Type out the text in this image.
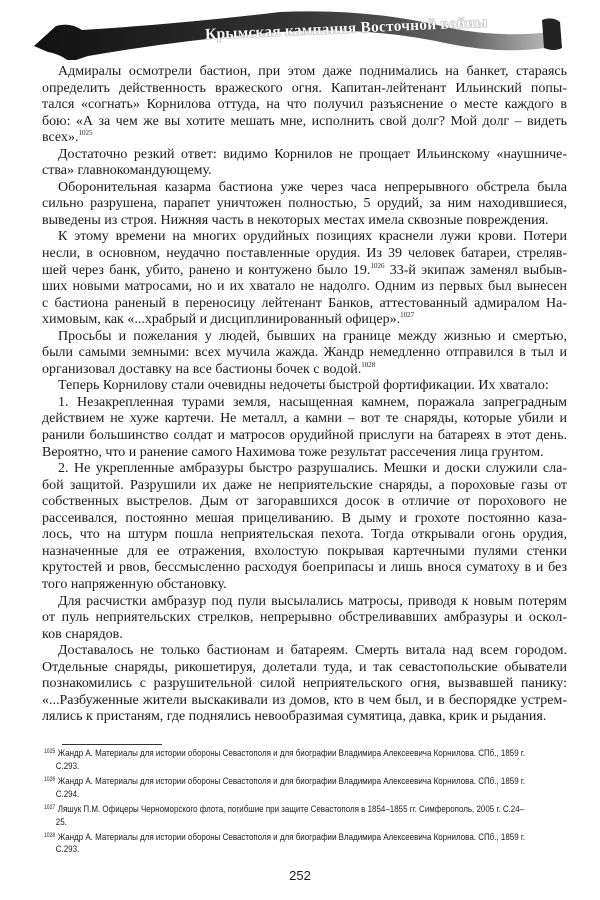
Крымская кампания Восточной войны
Адмиралы осмотрели бастион, при этом даже поднимались на банкет, стараясь
определить действенность вражеского огня. Капитан-лейтенант Ильинский попы-
тался «согнать» Корнилова оттуда, на что получил разъяснение о месте каждого в
бою: «А за чем же вы хотите мешать мне, исполнить свой долг? Мой долг – видеть
всех».$^{1025}$
Достаточно резкий ответ: видимо Корнилов не прощает Ильинскому «наушниче-
ства» главнокомандующему.
Оборонительная казарма бастиона уже через часа непрерывного обстрела была
сильно разрушена, парапет уничтожен полностью, 5 орудий, за ним находившиеся,
выведены из строя. Нижняя часть в некоторых местах имела сквозные повреждения.
К этому времени на многих орудийных позициях краснели лужи крови. Потери
несли, в основном, неудачно поставленные орудия. Из 39 человек батареи, стреляв-
шей через банк, убито, ранено и контужено было 19.$^{1026}$ 33-й экипаж заменял выбыв-
ших новыми матросами, но и их хватало не надолго. Одним из первых был вынесен
с бастиона раненый в переносицу лейтенант Банков, аттестованный адмиралом На-
химовым, как «...храбрый и дисциплинированный офицер».$^{1027}$
Просьбы и пожелания у людей, бывших на границе между жизнью и смертью,
были самыми земными: всех мучила жажда. Жандр немедленно отправился в тыл и
организовал доставку на все бастионы бочек с водой.$^{1028}$
Теперь Корнилову стали очевидны недочеты быстрой фортификации. Их хватало:
1. Незакрепленная турами земля, насыщенная камнем, поражала запреградным
действием не хуже картечи. Не металл, а камни – вот те снаряды, которые убили и
ранили большинство солдат и матросов орудийной прислуги на батареях в этот день.
Вероятно, что и ранение самого Нахимова тоже результат рассечения лица грунтом.
2. Не укрепленные амбразуры быстро разрушались. Мешки и доски служили сла-
бой защитой. Разрушили их даже не неприятельские снаряды, а пороховые газы от
собственных выстрелов. Дым от загоравшихся досок в отличие от порохового не
рассеивался, постоянно мешая прицеливанию. В дыму и грохоте постоянно каза-
лось, что на штурм пошла неприятельская пехота. Тогда открывали огонь орудия,
назначенные для ее отражения, вхолостую покрывая картечными пулями стенки
крутостей и рвов, бессмысленно расходуя боеприпасы и лишь внося суматоху в и без
того напряженную обстановку.
Для расчистки амбразур под пули высылались матросы, приводя к новым потерям
от пуль неприятельских стрелков, непрерывно обстреливавших амбразуры и оскол-
ков снарядов.
Доставалось не только бастионам и батареям. Смерть витала над всем городом.
Отдельные снаряды, рикошетируя, долетали туда, и так севастопольские обыватели
познакомились с разрушительной силой неприятельского огня, вызвавшей панику:
«...Разбуженные жители выскакивали из домов, кто в чем был, и в беспорядке устрем-
лялись к пристаням, где поднялись невообразимая сумятица, давка, крик и рыдания.
$^{1025}$ Жандр А. Материалы для истории обороны Севастополя и для биографии Владимира Алексеевича Корнилова. СПб., 1859 г.
С.293.
$^{1026}$ Жандр А. Материалы для истории обороны Севастополя и для биографии Владимира Алексеевича Корнилова. СПб., 1859 г.
С.294.
$^{1027}$ Ляшук П.М. Офицеры Черноморского флота, погибшие при защите Севастополя в 1854–1855 гг. Симферополь, 2005 г. С.24–
25.
$^{1028}$ Жандр А. Материалы для истории обороны Севастополя и для биографии Владимира Алексеевича Корнилова. СПб., 1859 г.
С.293.
252
